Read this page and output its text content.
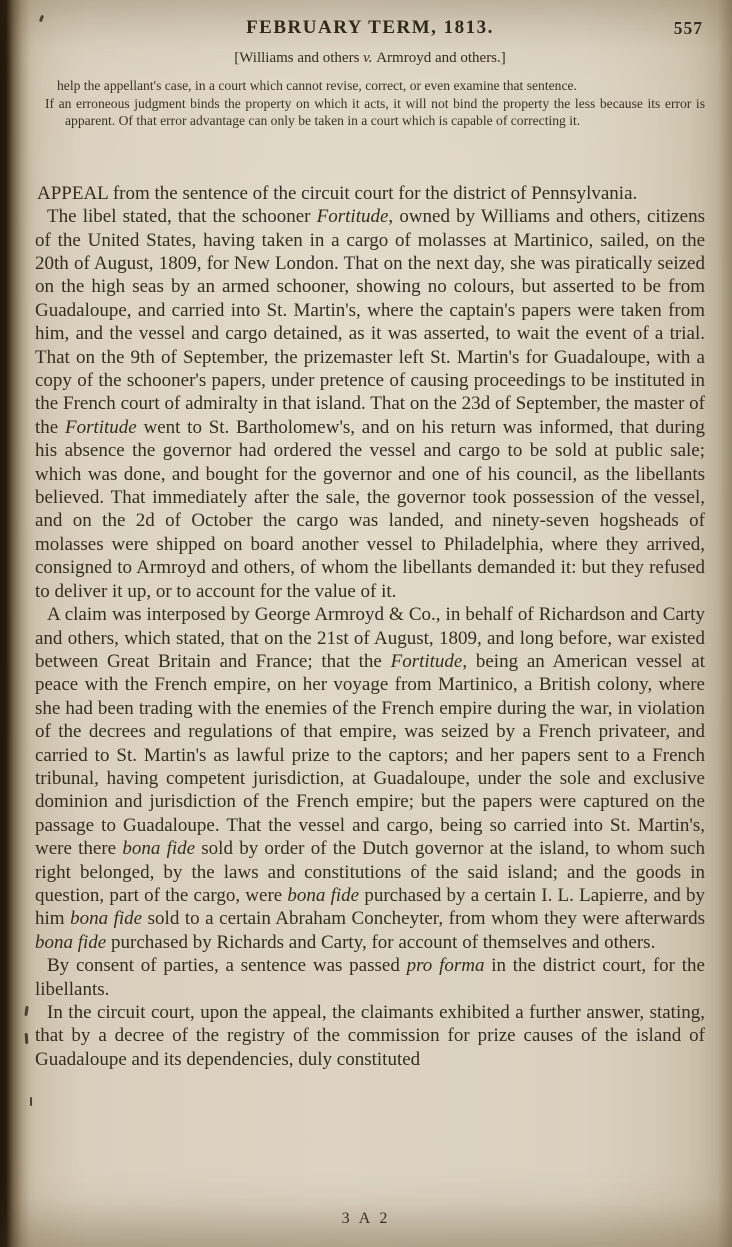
FEBRUARY TERM, 1813.	557
[Williams and others v. Armroyd and others.]

help the appellant's case, in a court which cannot revise, correct, or even examine that sentence.

If an erroneous judgment binds the property on which it acts, it will not bind the property the less because its error is apparent. Of that error advantage can only be taken in a court which is capable of correcting it.

APPEAL from the sentence of the circuit court for the district of Pennsylvania.

The libel stated, that the schooner Fortitude, owned by Williams and others, citizens of the United States, having taken in a cargo of molasses at Martinico, sailed, on the 20th of August, 1809, for New London. That on the next day, she was piratically seized on the high seas by an armed schooner, showing no colours, but asserted to be from Guadaloupe, and carried into St. Martin's, where the captain's papers were taken from him, and the vessel and cargo detained, as it was asserted, to wait the event of a trial. That on the 9th of September, the prizemaster left St. Martin's for Guadaloupe, with a copy of the schooner's papers, under pretence of causing proceedings to be instituted in the French court of admiralty in that island. That on the 23d of September, the master of the Fortitude went to St. Bartholomew's, and on his return was informed, that during his absence the governor had ordered the vessel and cargo to be sold at public sale; which was done, and bought for the governor and one of his council, as the libellants believed. That immediately after the sale, the governor took possession of the vessel, and on the 2d of October the cargo was landed, and ninety-seven hogsheads of molasses were shipped on board another vessel to Philadelphia, where they arrived, consigned to Armroyd and others, of whom the libellants demanded it: but they refused to deliver it up, or to account for the value of it.

A claim was interposed by George Armroyd & Co., in behalf of Richardson and Carty and others, which stated, that on the 21st of August, 1809, and long before, war existed between Great Britain and France; that the Fortitude, being an American vessel at peace with the French empire, on her voyage from Martinico, a British colony, where she had been trading with the enemies of the French empire during the war, in violation of the decrees and regulations of that empire, was seized by a French privateer, and carried to St. Martin's as lawful prize to the captors; and her papers sent to a French tribunal, having competent jurisdiction, at Guadaloupe, under the sole and exclusive dominion and jurisdiction of the French empire; but the papers were captured on the passage to Guadaloupe. That the vessel and cargo, being so carried into St. Martin's, were there bona fide sold by order of the Dutch governor at the island, to whom such right belonged, by the laws and constitutions of the said island; and the goods in question, part of the cargo, were bona fide purchased by a certain I. L. Lapierre, and by him bona fide sold to a certain Abraham Concheyter, from whom they were afterwards bona fide purchased by Richards and Carty, for account of themselves and others.

By consent of parties, a sentence was passed pro forma in the district court, for the libellants.

In the circuit court, upon the appeal, the claimants exhibited a further answer, stating, that by a decree of the registry of the commission for prize causes of the island of Guadaloupe and its dependencies, duly constituted

3 A 2
